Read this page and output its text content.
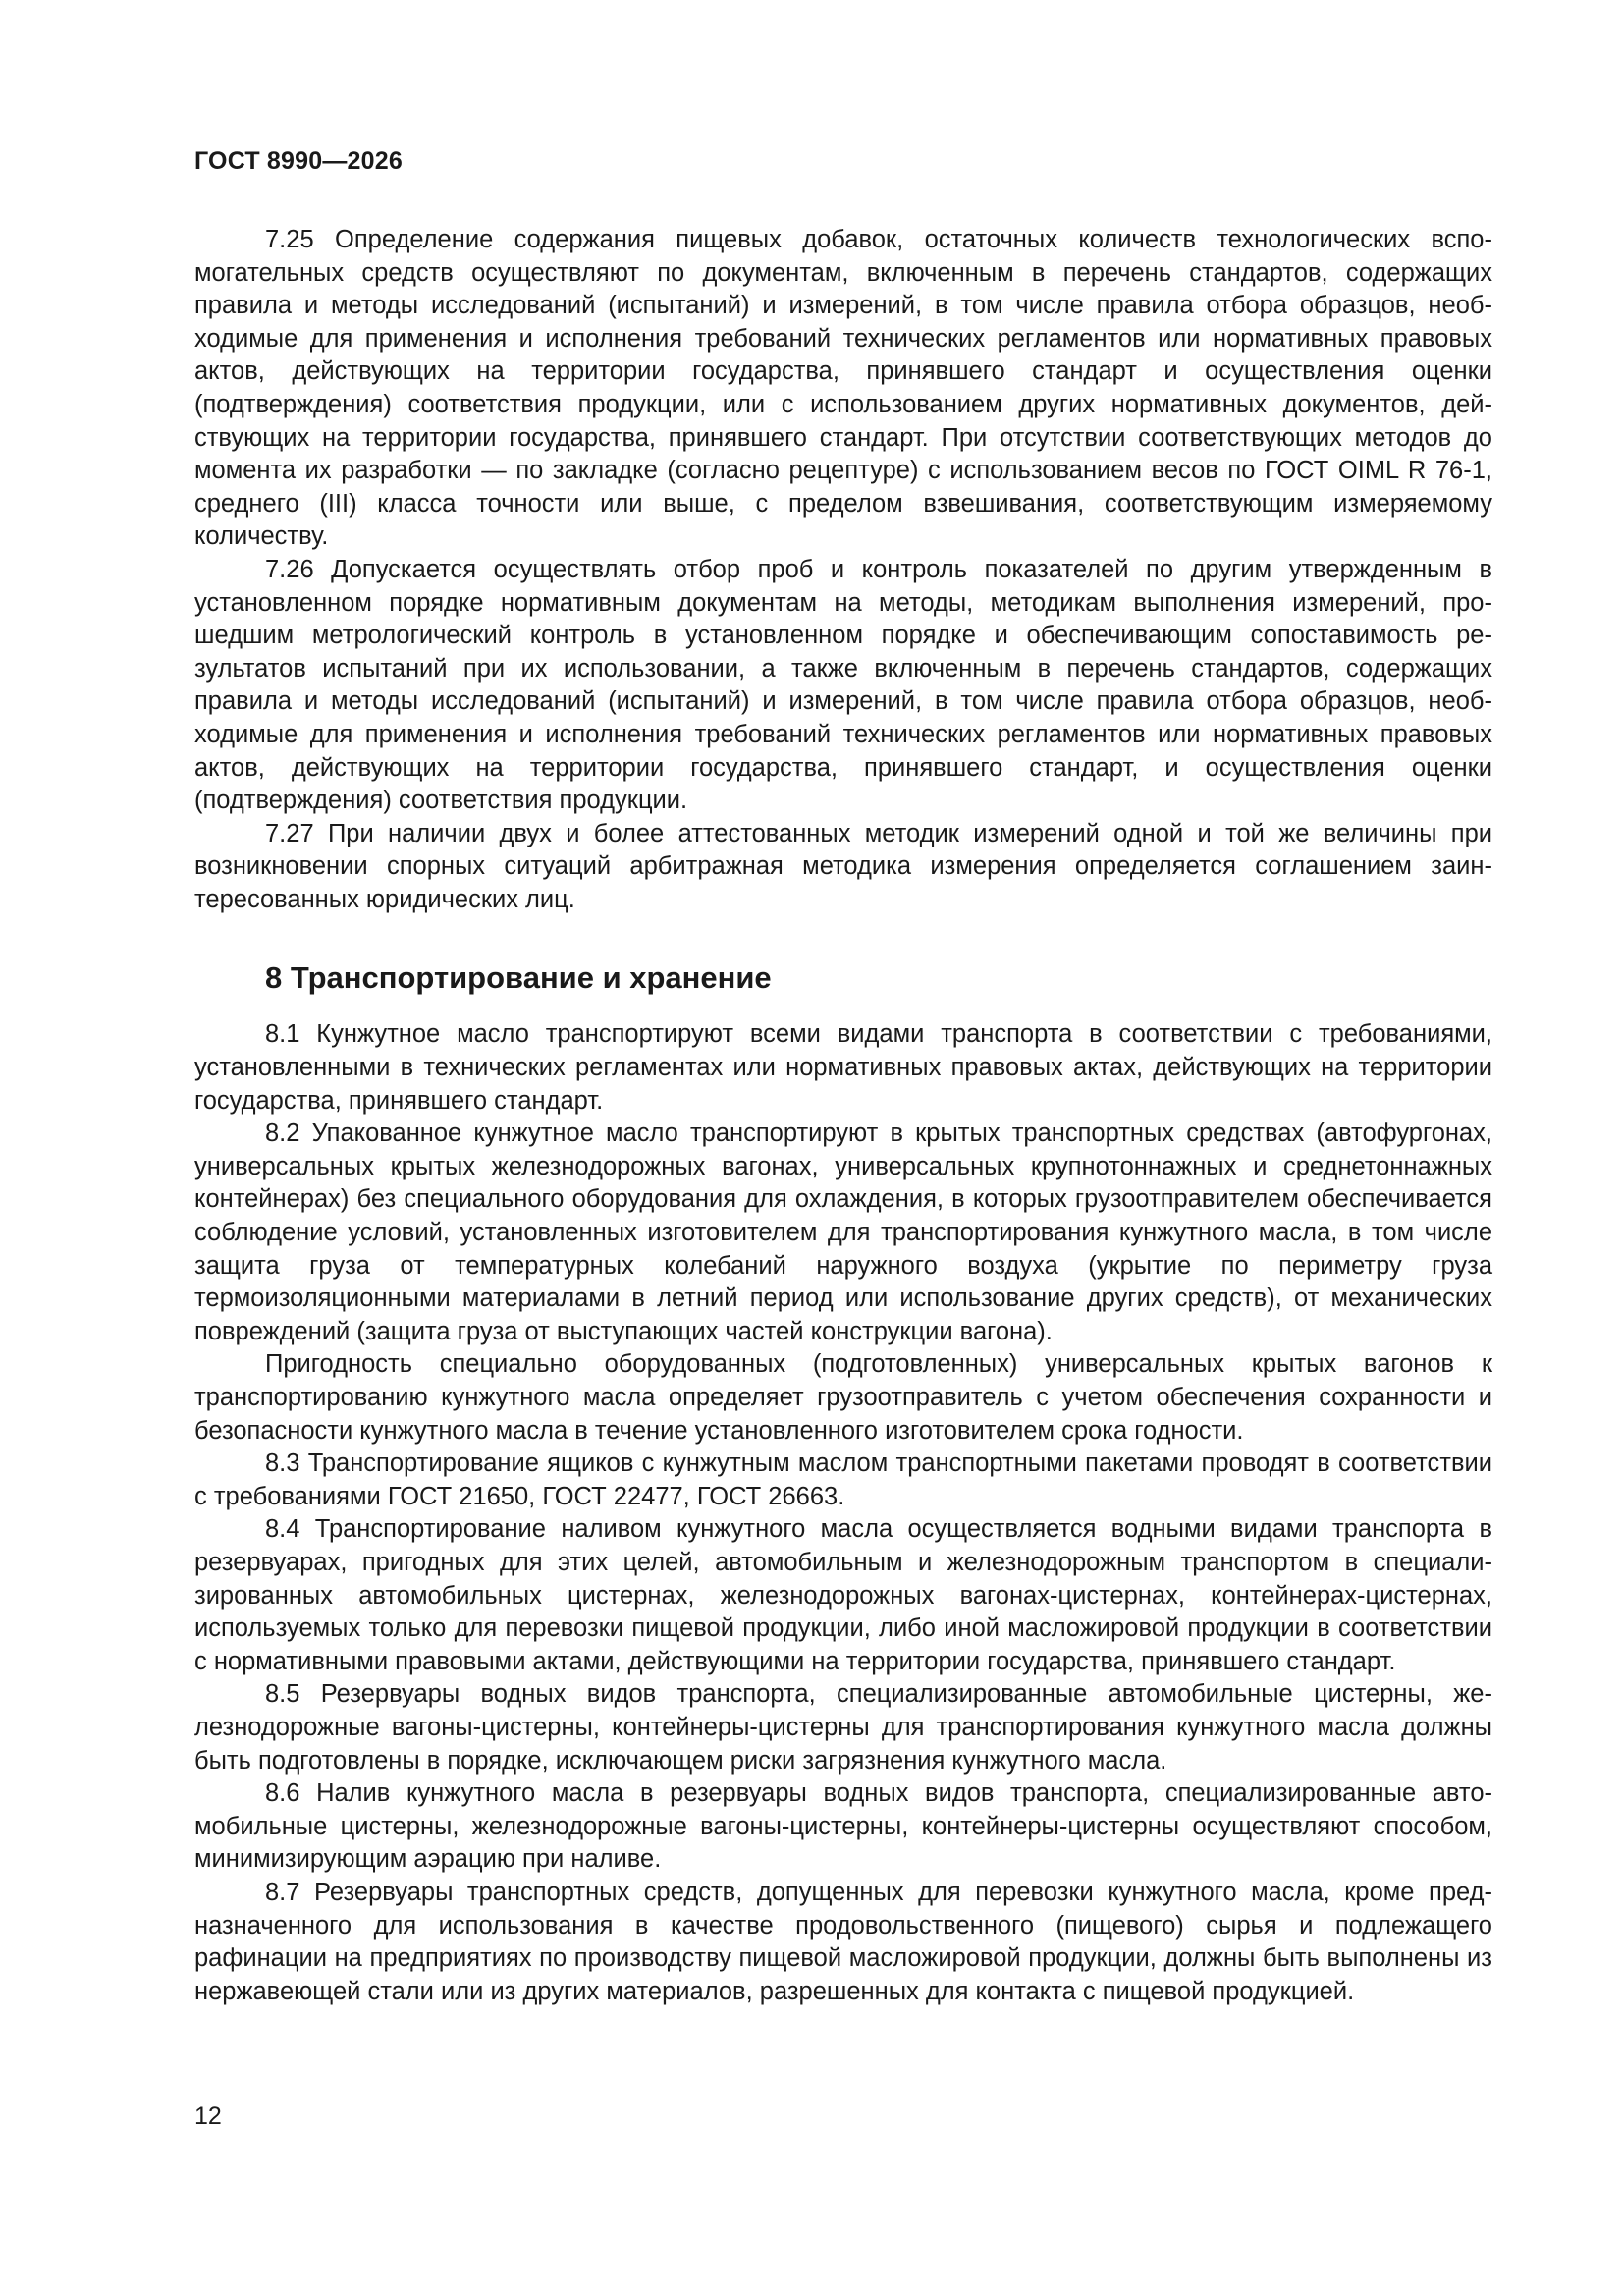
ГОСТ 8990—2026

7.25 Определение содержания пищевых добавок, остаточных количеств технологических вспомогательных средств осуществляют по документам, включенным в перечень стандартов, содержащих правила и методы исследований (испытаний) и измерений, в том числе правила отбора образцов, необходимые для применения и исполнения требований технических регламентов или нормативных правовых актов, действующих на территории государства, принявшего стандарт и осуществления оценки (подтверждения) соответствия продукции, или с использованием других нормативных документов, действующих на территории государства, принявшего стандарт. При отсутствии соответствующих методов до момента их разработки — по закладке (согласно рецептуре) с использованием весов по ГОСТ OIML R 76-1, среднего (III) класса точности или выше, с пределом взвешивания, соответствующим измеряемому количеству.

7.26 Допускается осуществлять отбор проб и контроль показателей по другим утвержденным в установленном порядке нормативным документам на методы, методикам выполнения измерений, прошедшим метрологический контроль в установленном порядке и обеспечивающим сопоставимость результатов испытаний при их использовании, а также включенным в перечень стандартов, содержащих правила и методы исследований (испытаний) и измерений, в том числе правила отбора образцов, необходимые для применения и исполнения требований технических регламентов или нормативных правовых актов, действующих на территории государства, принявшего стандарт, и осуществления оценки (подтверждения) соответствия продукции.

7.27 При наличии двух и более аттестованных методик измерений одной и той же величины при возникновении спорных ситуаций арбитражная методика измерения определяется соглашением заинтересованных юридических лиц.

8 Транспортирование и хранение

8.1 Кунжутное масло транспортируют всеми видами транспорта в соответствии с требованиями, установленными в технических регламентах или нормативных правовых актах, действующих на территории государства, принявшего стандарт.

8.2 Упакованное кунжутное масло транспортируют в крытых транспортных средствах (автофургонах, универсальных крытых железнодорожных вагонах, универсальных крупнотоннажных и среднетоннажных контейнерах) без специального оборудования для охлаждения, в которых грузоотправителем обеспечивается соблюдение условий, установленных изготовителем для транспортирования кунжутного масла, в том числе защита груза от температурных колебаний наружного воздуха (укрытие по периметру груза термоизоляционными материалами в летний период или использование других средств), от механических повреждений (защита груза от выступающих частей конструкции вагона).

Пригодность специально оборудованных (подготовленных) универсальных крытых вагонов к транспортированию кунжутного масла определяет грузоотправитель с учетом обеспечения сохранности и безопасности кунжутного масла в течение установленного изготовителем срока годности.

8.3 Транспортирование ящиков с кунжутным маслом транспортными пакетами проводят в соответствии с требованиями ГОСТ 21650, ГОСТ 22477, ГОСТ 26663.

8.4 Транспортирование наливом кунжутного масла осуществляется водными видами транспорта в резервуарах, пригодных для этих целей, автомобильным и железнодорожным транспортом в специализированных автомобильных цистернах, железнодорожных вагонах-цистернах, контейнерах-цистернах, используемых только для перевозки пищевой продукции, либо иной масложировой продукции в соответствии с нормативными правовыми актами, действующими на территории государства, принявшего стандарт.

8.5 Резервуары водных видов транспорта, специализированные автомобильные цистерны, железнодорожные вагоны-цистерны, контейнеры-цистерны для транспортирования кунжутного масла должны быть подготовлены в порядке, исключающем риски загрязнения кунжутного масла.

8.6 Налив кунжутного масла в резервуары водных видов транспорта, специализированные автомобильные цистерны, железнодорожные вагоны-цистерны, контейнеры-цистерны осуществляют способом, минимизирующим аэрацию при наливе.

8.7 Резервуары транспортных средств, допущенных для перевозки кунжутного масла, кроме предназначенного для использования в качестве продовольственного (пищевого) сырья и подлежащего рафинации на предприятиях по производству пищевой масложировой продукции, должны быть выполнены из нержавеющей стали или из других материалов, разрешенных для контакта с пищевой продукцией.

12
